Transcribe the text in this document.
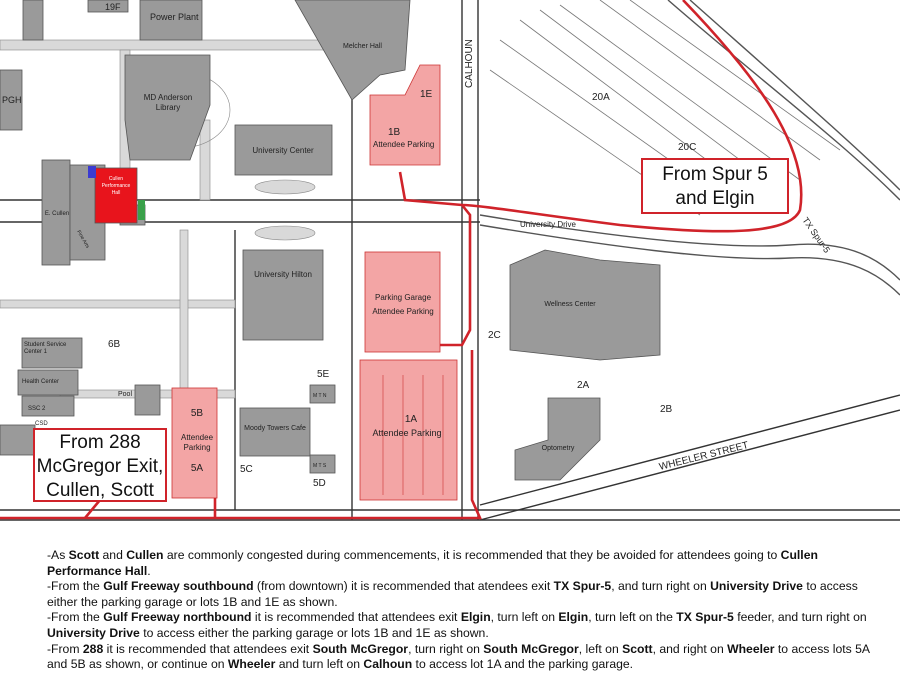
19F
Power Plant
Melcher Hall
PGH	MD Anderson
Library
University Center
E. Cullen
Cullen
Performance
Hall
Fine Arts
University Hilton
Student Service
Center 1
Health Center
SSC 2
Pool
CSD
Moody Towers Cafe
M T N
M T S
Wellness Center
Optometry
1E
1B
Attendee Parking
Parking Garage
Attendee Parking
1A
Attendee Parking
5B
Attendee
Parking
5A
20A
20C
6B
5E
5C
5D
2C
2A
2B
CALHOUN
University Drive	TX Spur-5
WHEELER STREET
From Spur 5
and Elgin
From 288
McGregor Exit,
Cullen, Scott

-As Scott and Cullen are commonly congested during commencements, it is recommended that they be avoided for attendees going to Cullen Performance Hall.

-From the Gulf Freeway southbound (from downtown) it is recommended that atendees exit TX Spur-5, and turn right on University Drive to access either the parking garage or lots 1B and 1E as shown.

-From the Gulf Freeway northbound it is recommended that attendees exit Elgin, turn left on Elgin, turn left on the TX Spur-5 feeder, and turn right on University Drive to access either the parking garage or lots 1B and 1E as shown.

-From 288 it is recommended that attendees exit South McGregor, turn right on South McGregor, left on Scott, and right on Wheeler to access lots 5A and 5B as shown, or continue on Wheeler and turn left on Calhoun to access lot 1A and the parking garage.
